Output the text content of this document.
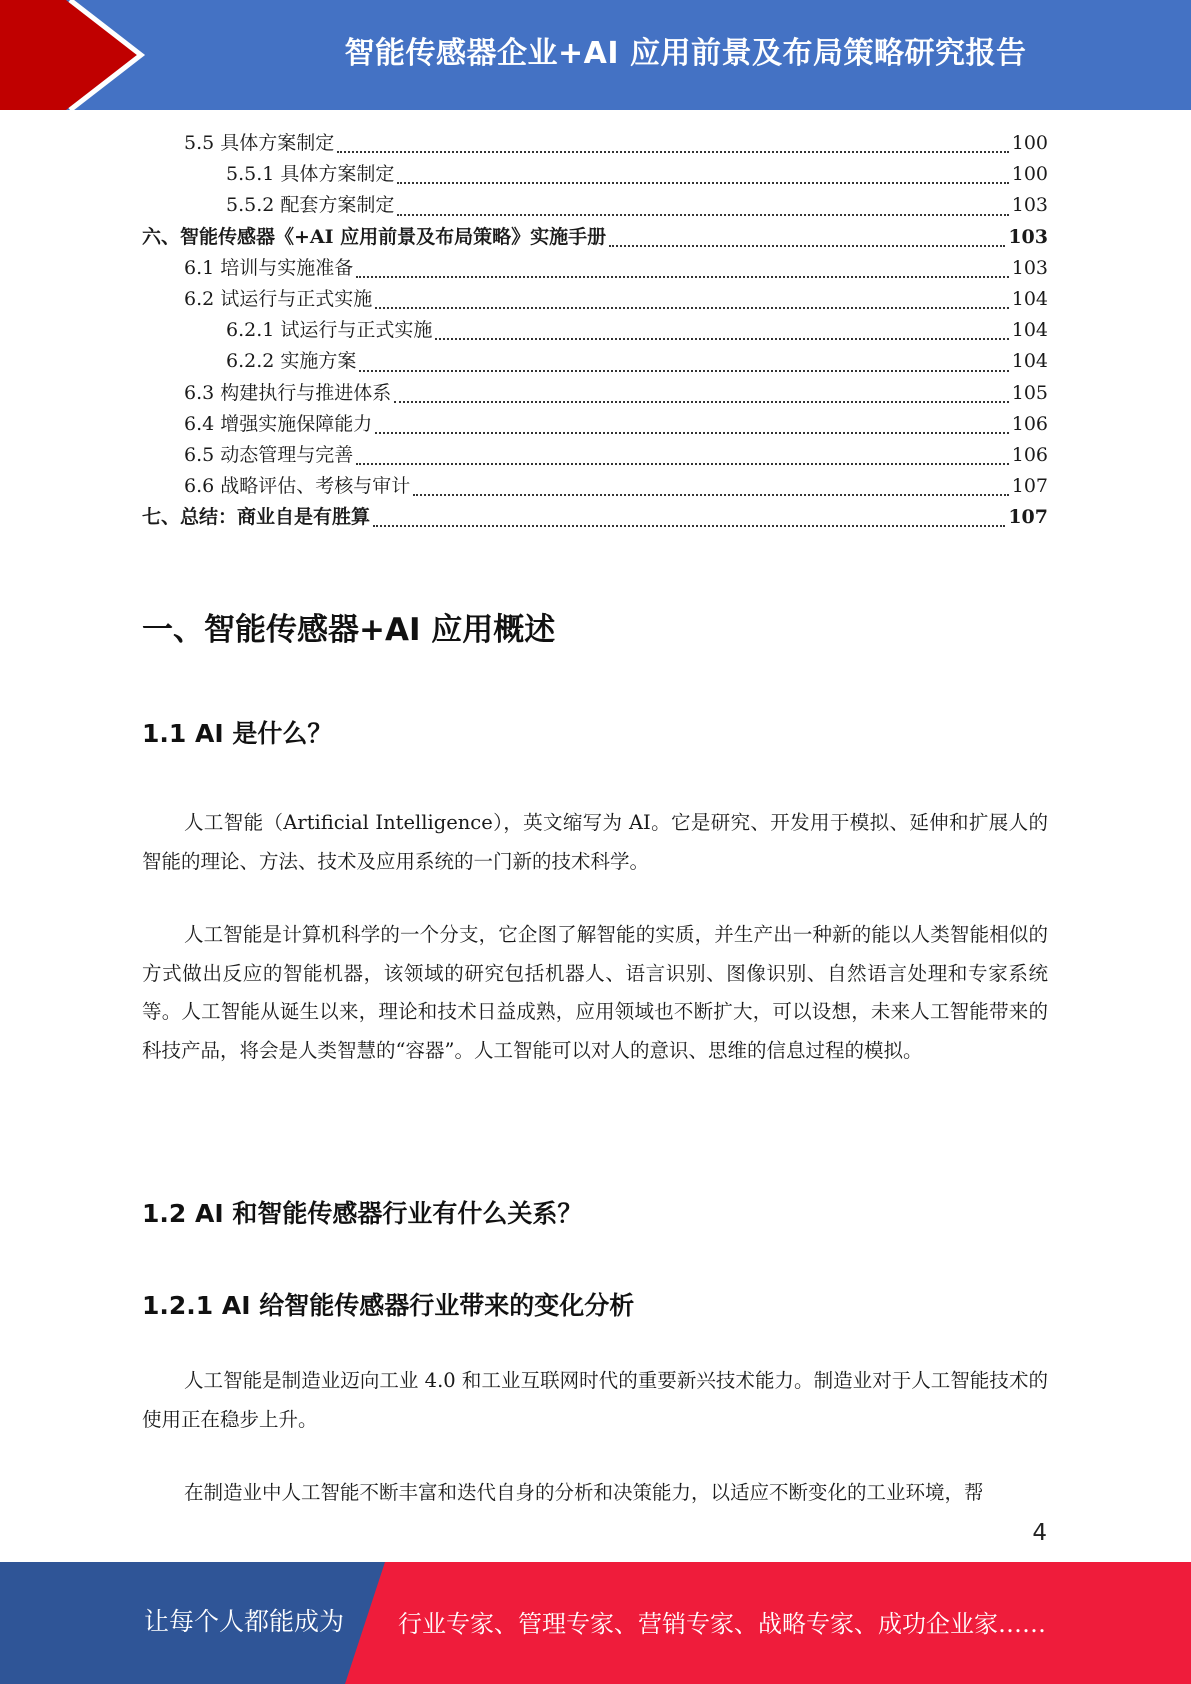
智能传感器企业+AI 应用前景及布局策略研究报告
5.5 具体方案制定	100
5.5.1 具体方案制定	100
5.5.2 配套方案制定	103
六、智能传感器《+AI 应用前景及布局策略》实施手册	103
6.1 培训与实施准备	103
6.2 试运行与正式实施	104
6.2.1 试运行与正式实施	104
6.2.2 实施方案	104
6.3 构建执行与推进体系	105
6.4 增强实施保障能力	106
6.5 动态管理与完善	106
6.6 战略评估、考核与审计	107
七、总结：商业自是有胜算	107
一、智能传感器+AI 应用概述
1.1 AI 是什么？

人工智能（Artificial Intelligence），英文缩写为 AI。它是研究、开发用于模拟、延伸和扩展人的智能的理论、方法、技术及应用系统的一门新的技术科学。

人工智能是计算机科学的一个分支，它企图了解智能的实质，并生产出一种新的能以人类智能相似的方式做出反应的智能机器，该领域的研究包括机器人、语言识别、图像识别、自然语言处理和专家系统等。人工智能从诞生以来，理论和技术日益成熟，应用领域也不断扩大，可以设想，未来人工智能带来的科技产品，将会是人类智慧的“容器”。人工智能可以对人的意识、思维的信息过程的模拟。

1.2 AI 和智能传感器行业有什么关系？
1.2.1 AI 给智能传感器行业带来的变化分析

人工智能是制造业迈向工业 4.0 和工业互联网时代的重要新兴技术能力。制造业对于人工智能技术的使用正在稳步上升。

在制造业中人工智能不断丰富和迭代自身的分析和决策能力，以适应不断变化的工业环境，帮

4
让每个人都能成为 行业专家、管理专家、营销专家、战略专家、成功企业家……
